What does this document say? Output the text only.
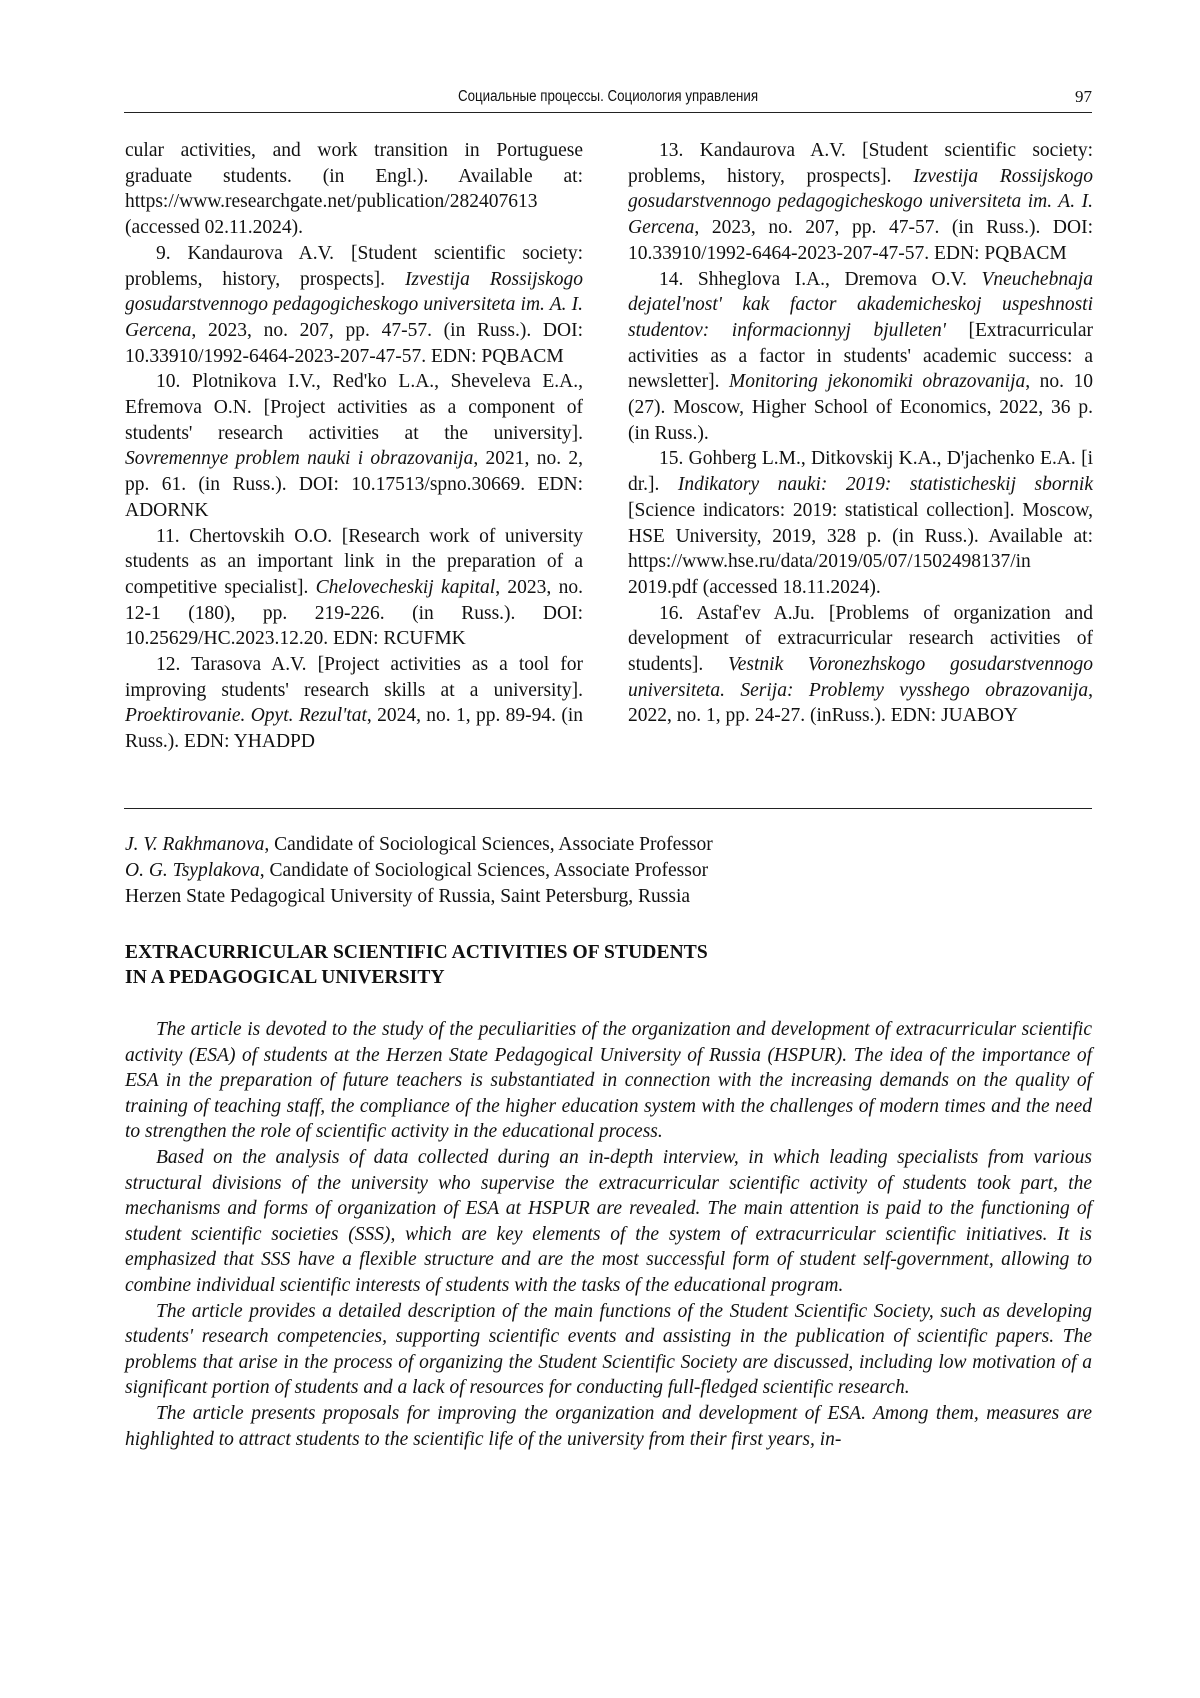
Социальные процессы. Социология управления	97

cular activities, and work transition in Portuguese graduate students. (in Engl.). Available at: https://www.researchgate.net/publication/282407613 (accessed 02.11.2024).

9. Kandaurova A.V. [Student scientific society: problems, history, prospects]. Izvestija Rossijskogo gosudarstvennogo pedagogicheskogo universiteta im. A. I. Gercena, 2023, no. 207, pp. 47-57. (in Russ.). DOI: 10.33910/1992-6464-2023-207-47-57. EDN: PQBACM

10. Plotnikova I.V., Red'ko L.A., Sheveleva E.A., Efremova O.N. [Project activities as a component of students' research activities at the university]. Sovremennye problem nauki i obrazovanija, 2021, no. 2, pp. 61. (in Russ.). DOI: 10.17513/spno.30669. EDN: ADORNK

11. Chertovskih O.O. [Research work of university students as an important link in the preparation of a competitive specialist]. Chelovecheskij kapital, 2023, no. 12-1 (180), pp. 219-226. (in Russ.). DOI: 10.25629/HC.2023.12.20. EDN: RCUFMK

12. Tarasova A.V. [Project activities as a tool for improving students' research skills at a university]. Proektirovanie. Opyt. Rezul'tat, 2024, no. 1, pp. 89-94. (in Russ.). EDN: YHADPD

13. Kandaurova A.V. [Student scientific society: problems, history, prospects]. Izvestija Rossijskogo gosudarstvennogo pedagogicheskogo universiteta im. A. I. Gercena, 2023, no. 207, pp. 47-57. (in Russ.). DOI: 10.33910/1992-6464-2023-207-47-57. EDN: PQBACM

14. Shheglova I.A., Dremova O.V. Vneuchebnaja dejatel'nost' kak factor akademicheskoj uspeshnosti studentov: informacionnyj bjulleten' [Extracurricular activities as a factor in students' academic success: a newsletter]. Monitoring jekonomiki obrazovanija, no. 10 (27). Moscow, Higher School of Economics, 2022, 36 p. (in Russ.).

15. Gohberg L.M., Ditkovskij K.A., D'jachenko E.A. [i dr.]. Indikatory nauki: 2019: statisticheskij sbornik [Science indicators: 2019: statistical collection]. Moscow, HSE University, 2019, 328 p. (in Russ.). Available at: https://www.hse.ru/data/2019/05/07/1502498137/in 2019.pdf (accessed 18.11.2024).

16. Astaf'ev A.Ju. [Problems of organization and development of extracurricular research activities of students]. Vestnik Voronezhskogo gosudarstvennogo universiteta. Serija: Problemy vysshego obrazovanija, 2022, no. 1, pp. 24-27. (inRuss.). EDN: JUABOY

J. V. Rakhmanova, Candidate of Sociological Sciences, Associate Professor
O. G. Tsyplakova, Candidate of Sociological Sciences, Associate Professor
Herzen State Pedagogical University of Russia, Saint Petersburg, Russia
EXTRACURRICULAR SCIENTIFIC ACTIVITIES OF STUDENTS
IN A PEDAGOGICAL UNIVERSITY

The article is devoted to the study of the peculiarities of the organization and development of extracurricular scientific activity (ESA) of students at the Herzen State Pedagogical University of Russia (HSPUR). The idea of the importance of ESA in the preparation of future teachers is substantiated in connection with the increasing demands on the quality of training of teaching staff, the compliance of the higher education system with the challenges of modern times and the need to strengthen the role of scientific activity in the educational process.

Based on the analysis of data collected during an in-depth interview, in which leading specialists from various structural divisions of the university who supervise the extracurricular scientific activity of students took part, the mechanisms and forms of organization of ESA at HSPUR are revealed. The main attention is paid to the functioning of student scientific societies (SSS), which are key elements of the system of extracurricular scientific initiatives. It is emphasized that SSS have a flexible structure and are the most successful form of student self-government, allowing to combine individual scientific interests of students with the tasks of the educational program.

The article provides a detailed description of the main functions of the Student Scientific Society, such as developing students' research competencies, supporting scientific events and assisting in the publication of scientific papers. The problems that arise in the process of organizing the Student Scientific Society are discussed, including low motivation of a significant portion of students and a lack of resources for conducting full-fledged scientific research.

The article presents proposals for improving the organization and development of ESA. Among them, measures are highlighted to attract students to the scientific life of the university from their first years, in-
